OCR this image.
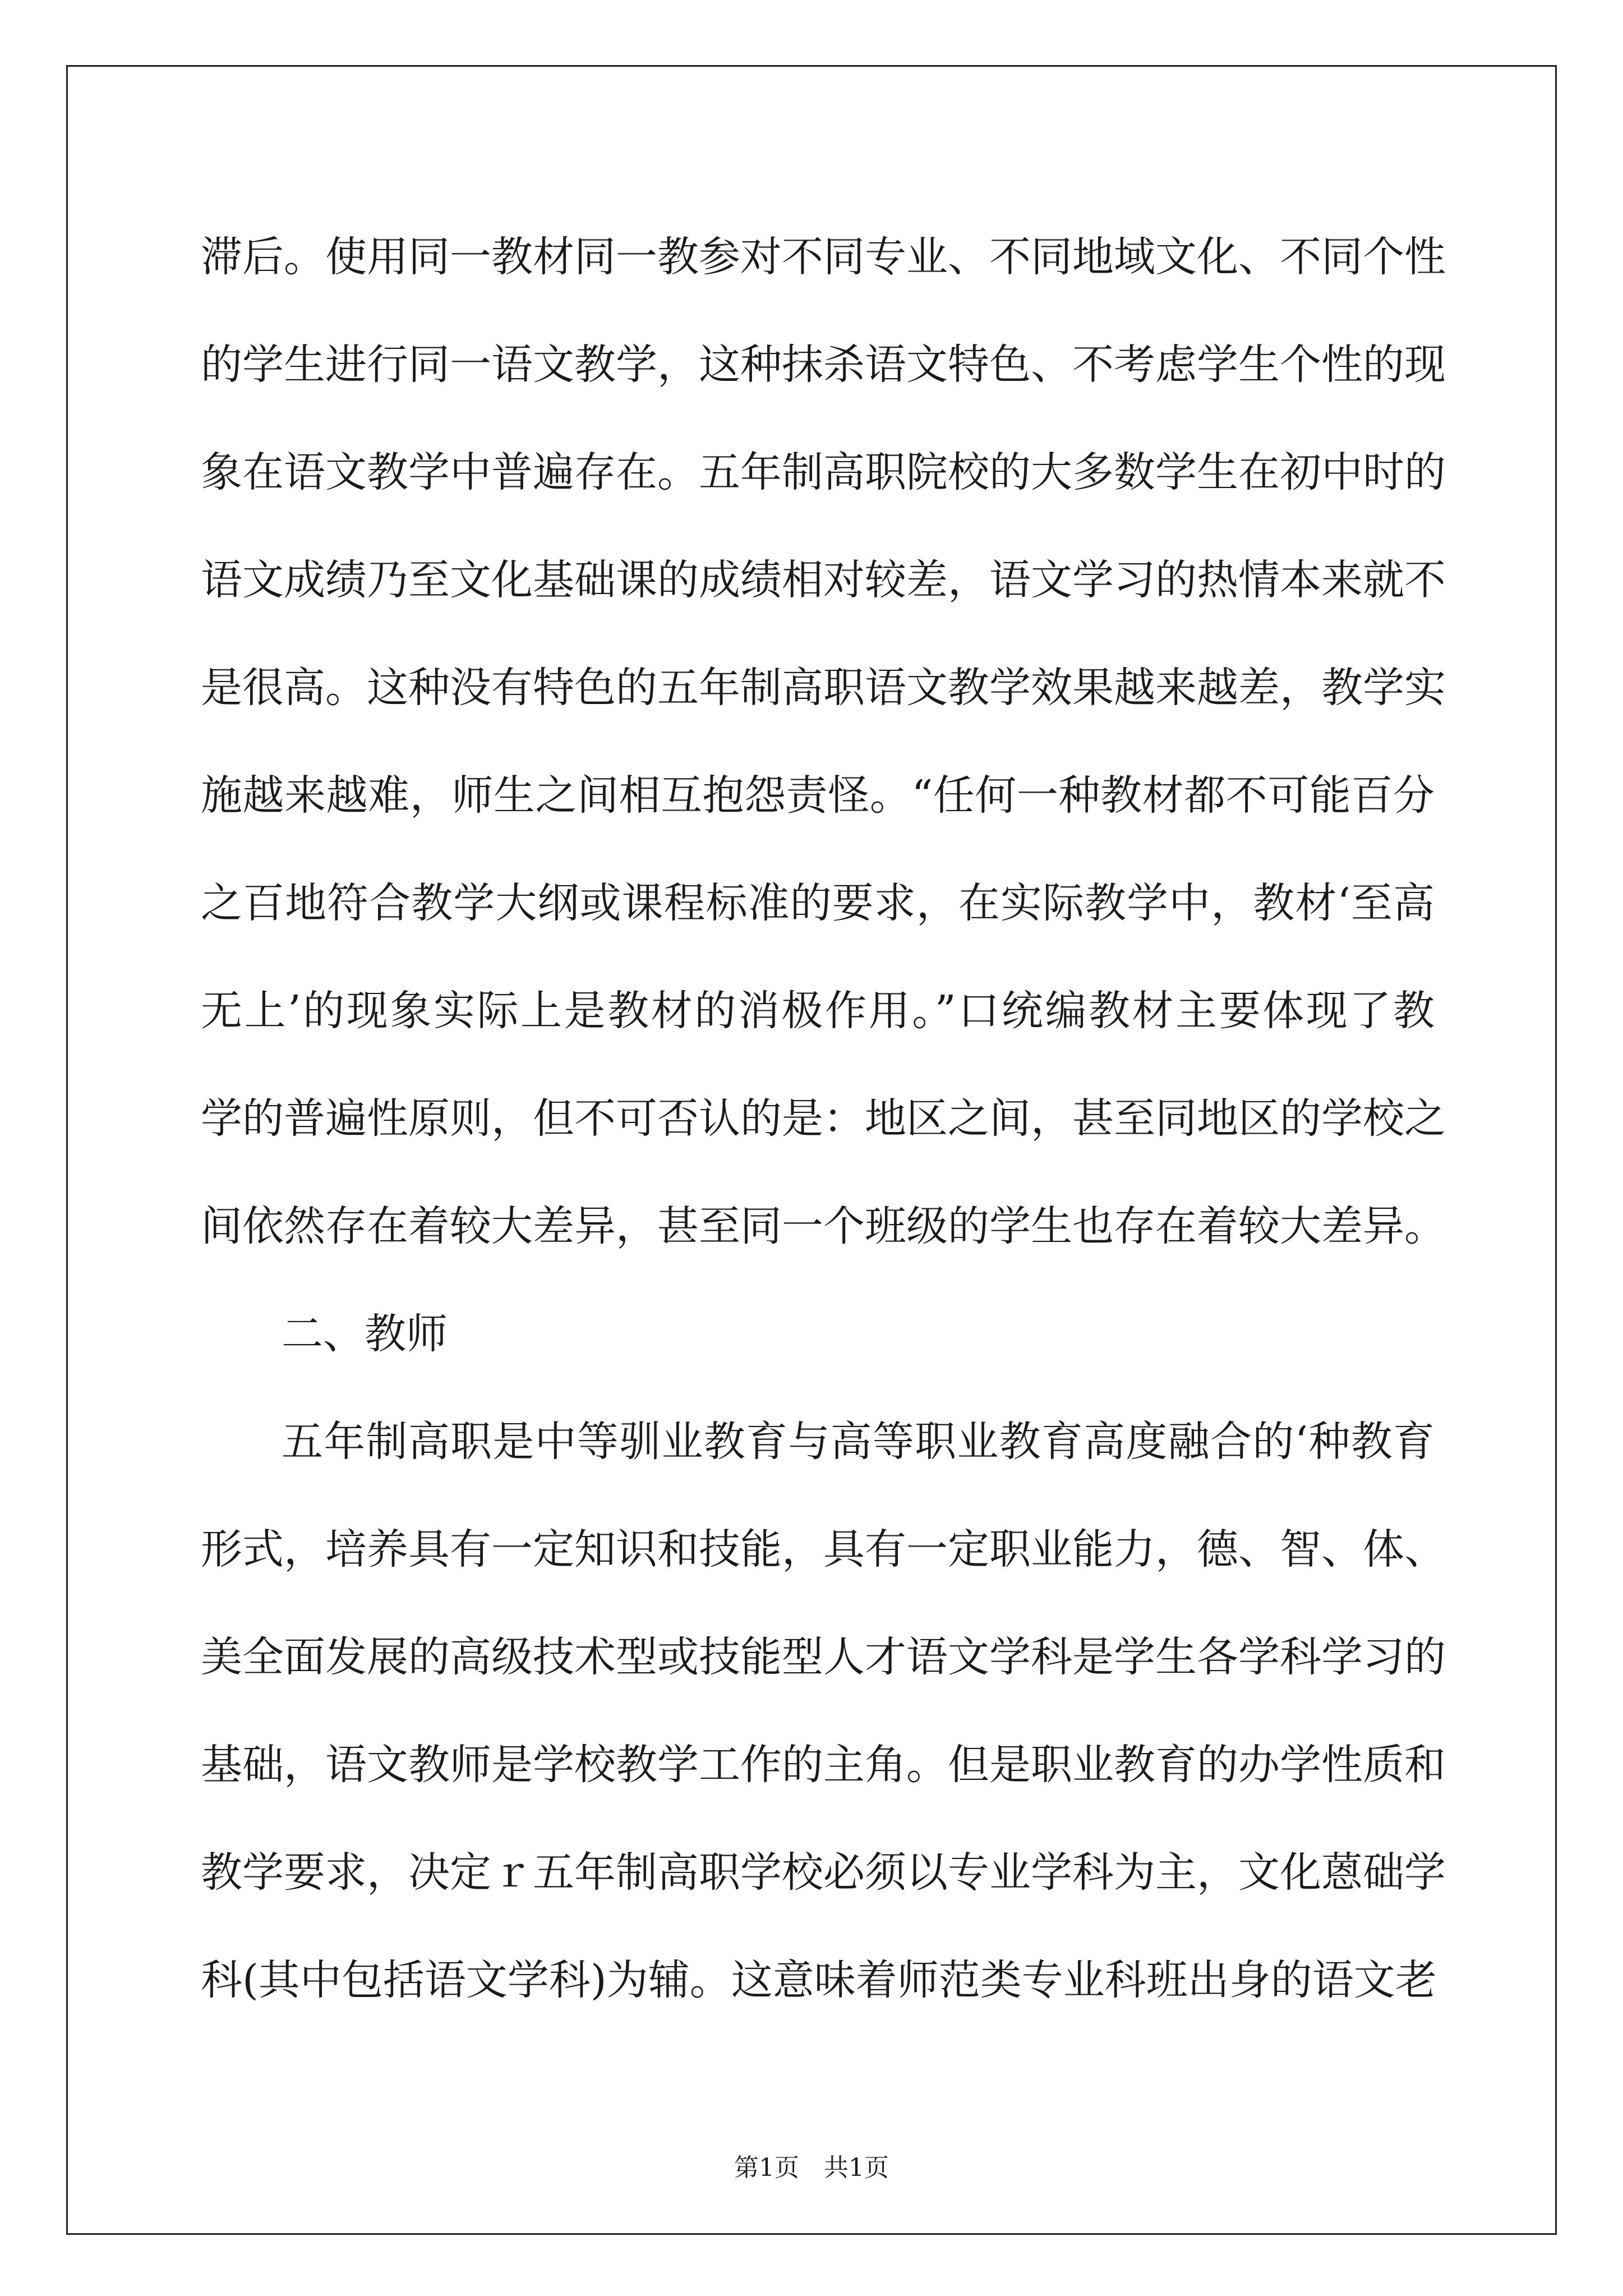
滞后。使用同一教材同一教参对不同专业、不同地域文化、不同个性
的学生进行同一语文教学，这种抹杀语文特色、不考虑学生个性的现
象在语文教学中普遍存在。五年制高职院校的大多数学生在初中时的
语文成绩乃至文化基础课的成绩相对较差，语文学习的热情本来就不
是很高。这种没有特色的五年制高职语文教学效果越来越差，教学实
施越来越难，师生之间相互抱怨责怪。“任何一种教材都不可能百分
之百地符合教学大纲或课程标准的要求，在实际教学中，教材‘至高
无上’的现象实际上是教材的消极作用。”口统编教材主要体现了教
学的普遍性原则，但不可否认的是：地区之间，甚至同地区的学校之
间依然存在着较大差异，甚至同一个班级的学生也存在着较大差异。
二、教师
五年制高职是中等驯业教育与高等职业教育高度融合的‘种教育
形式，培养具有一定知识和技能，具有一定职业能力，德、智、体、
美全面发展的高级技术型或技能型人才语文学科是学生各学科学习的
基础，语文教师是学校教学工作的主角。但是职业教育的办学性质和
教学要求，决定ｒ五年制高职学校必须以专业学科为主，文化蒽础学
科(其中包括语文学科)为辅。这意味着师范类专业科班出身的语文老
第1页　共1页
